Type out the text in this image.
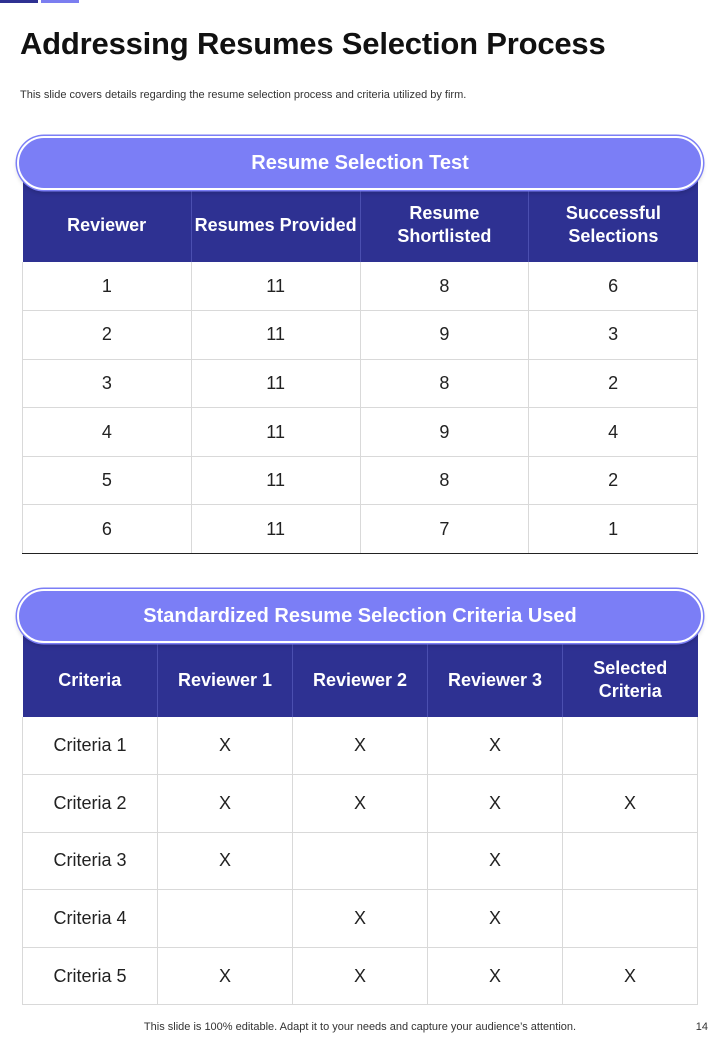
Addressing Resumes Selection Process

This slide covers details regarding the resume selection process and criteria utilized by firm.

Resume Selection Test
Reviewer	Resumes Provided	Resume Shortlisted	Successful Selections
1	11	8	6
2	11	9	3
3	11	8	2
4	11	9	4
5	11	8	2
6	11	7	1
Standardized Resume Selection Criteria Used
Criteria	Reviewer 1	Reviewer 2	Reviewer 3	Selected Criteria
Criteria 1	X	X	X	
Criteria 2	X	X	X	X
Criteria 3	X		X	
Criteria 4		X	X	
Criteria 5	X	X	X	X
This slide is 100% editable. Adapt it to your needs and capture your audience’s attention.	14
